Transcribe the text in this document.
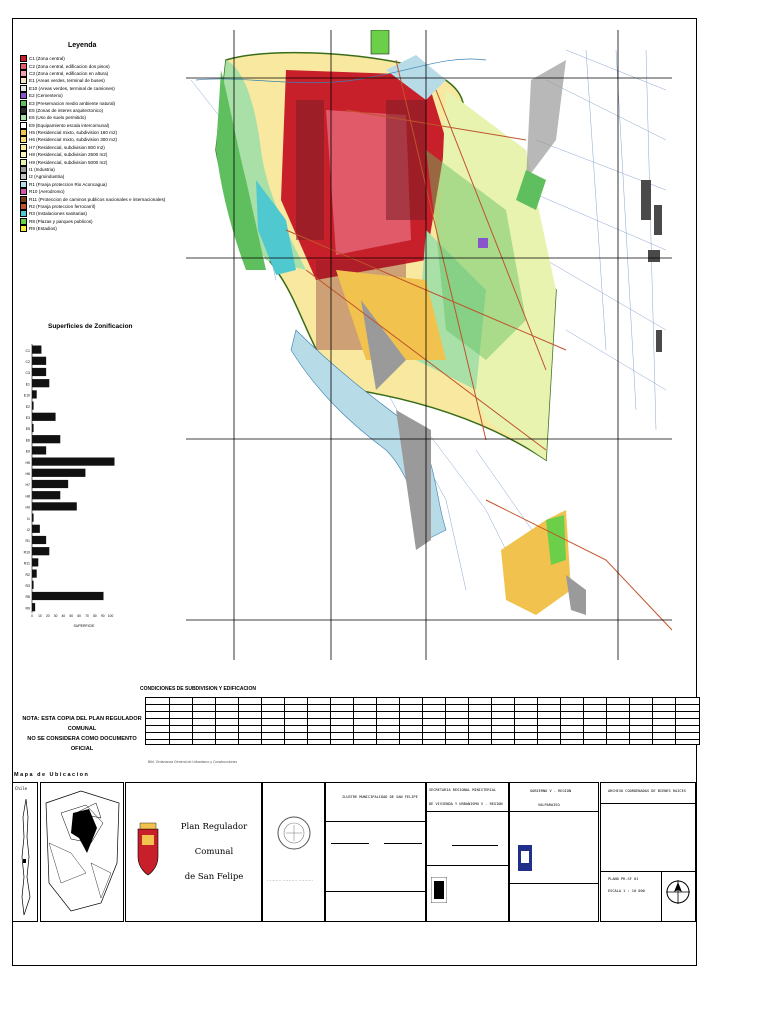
Leyenda
C1 (Zona central)
C2 (Zona central, edificacion dos pisos)
C3 (Zona central, edificacion en altura)
E1 (Areas verdes, terminal de buses)
E10 (Areas verdes, terminal de camiones)
E2 (Cementerio)
E3 (Preservacion medio ambiente natural)
E5 (Zonas de interes arquitectonico)
E6 (Uso de suelo permitido)
E9 (Equipamiento escala intercomunal)
H5 (Residencial mixto, subdivision 160 m2)
H6 (Residencial mixto, subdivision 300 m2)
H7 (Residencial, subdivision 800 m2)
H8 (Residencial, subdivision 2500 m2)
H9 (Residencial, subdivision 5000 m2)
I1 (Industria)
I2 (Agroindustria)
R1 (Franja proteccion Rio Aconcagua)
R10 (Aerodromo)
R11 (Proteccion de caminos publicos nacionales e internacionales)
R2 (Franja proteccion ferrocarril)
R3 (Instalaciones sanitarias)
R8 (Plazas y parques publicos)
R9 (Estadios)
Superficies de Zonificacion
C1
C2
C3
E1
E10
E2
E3
E5
E6
E9
H5
H6
H7
H8
H9
I1
I2
R1
R10
R11
R2
R3
R8
R9
0 10 20 30 40 50 60 70 80 90 100
SUPERFICIE
CONDICIONES DE SUBDIVISION Y EDIFICACION
NOTA: ESTA COPIA DEL PLAN REGULADOR COMUNAL
NO SE CONSIDERA COMO DOCUMENTO OFICIAL
Bibl. Ordenanza General de Urbanismo y Construcciones
Mapa de Ubicacion
Chile
Plan Regulador Comunal
de San Felipe	·········· ·········· ··········
ILUSTRE MUNICIPALIDAD DE SAN FELIPE
SECRETARIA REGIONAL MINISTERIAL
DE VIVIENDA Y URBANISMO V - REGION
GOBIERNO V - REGION
VALPARAISO
ARCHIVO COORDENADAS DE BIENES RAICES
PLANO PR-SF 01
ESCALA 1 : 10 000
